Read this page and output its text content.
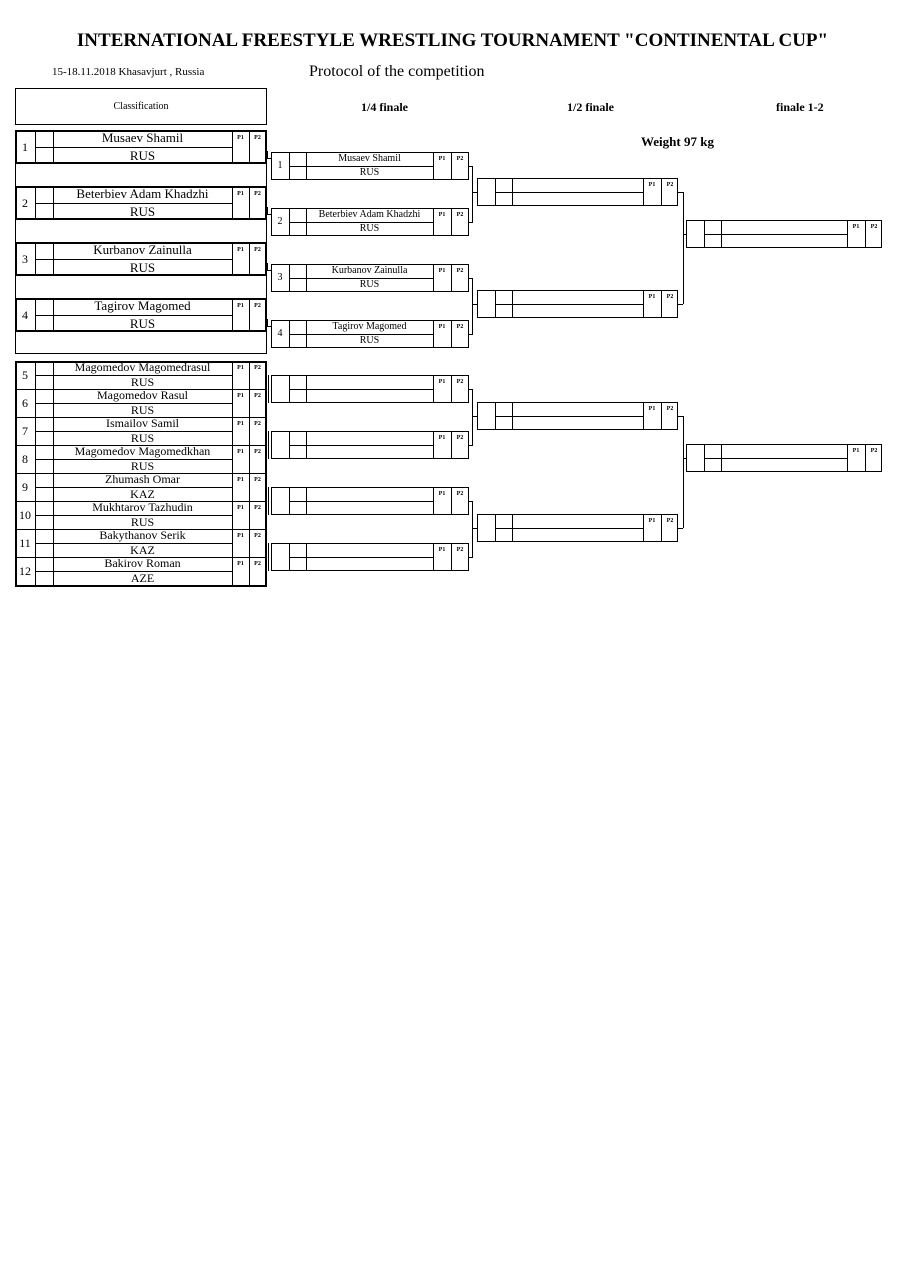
INTERNATIONAL FREESTYLE WRESTLING TOURNAMENT "CONTINENTAL CUP"
15-18.11.2018 Khasavjurt , Russia	Protocol of the competition
Classification	1/4 finale	1/2 finale	finale 1-2
Weight 97 kg
1
Musaev Shamil
RUS
P1	P2
2
Beterbiev Adam Khadzhi
RUS
P1	P2
3
Kurbanov Zainulla
RUS
P1	P2
4
Tagirov Magomed
RUS
P1	P2
5
Magomedov Magomedrasul
RUS
P1	P2
6
Magomedov Rasul
RUS
P1	P2
7
Ismailov Samil
RUS
P1	P2
8
Magomedov Magomedkhan
RUS
P1	P2
9
Zhumash Omar
KAZ
P1	P2
10
Mukhtarov Tazhudin
RUS
P1	P2
11
Bakythanov Serik
KAZ
P1	P2
12
Bakirov Roman
AZE
P1	P2
1
Musaev Shamil
RUS
P1	P2
2
Beterbiev Adam Khadzhi
RUS
P1	P2
3
Kurbanov Zainulla
RUS
P1	P2
4
Tagirov Magomed
RUS
P1	P2
P1	P2
P1	P2
P1	P2
P1	P2
P1	P2
P1	P2
P1	P2
P1	P2
P1	P2
P1	P2
